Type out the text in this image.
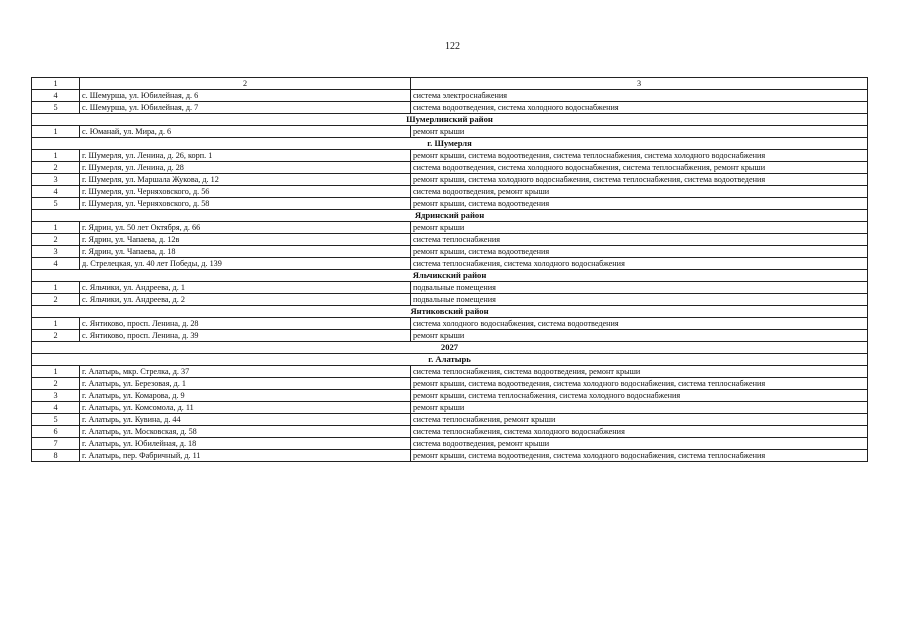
122
1	2	3
4	с. Шемурша, ул. Юбилейная, д. 6	система электроснабжения
5	с. Шемурша, ул. Юбилейная, д. 7	система водоотведения, система холодного водоснабжения
Шумерлинский район		
1	с. Юманай, ул. Мира, д. 6	ремонт крыши
г. Шумерля		
1	г. Шумерля, ул. Ленина, д. 26, корп. 1	ремонт крыши, система водоотведения, система теплоснабжения, система холодного водоснабжения
2	г. Шумерля, ул. Ленина, д. 28	система водоотведения, система холодного водоснабжения, система теплоснабжения, ремонт крыши
3	г. Шумерля, ул. Маршала Жукова, д. 12	ремонт крыши, система холодного водоснабжения, система теплоснабжения, система водоотведения
4	г. Шумерля, ул. Черняховского, д. 56	система водоотведения, ремонт крыши
5	г. Шумерля, ул. Черняховского, д. 58	ремонт крыши, система водоотведения
Ядринский район		
1	г. Ядрин, ул. 50 лет Октября, д. 66	ремонт крыши
2	г. Ядрин, ул. Чапаева, д. 12в	система теплоснабжения
3	г. Ядрин, ул. Чапаева, д. 18	ремонт крыши, система водоотведения
4	д. Стрелецкая, ул. 40 лет Победы, д. 139	система теплоснабжения, система холодного водоснабжения
Яльчикский район		
1	с. Яльчики, ул. Андреева, д. 1	подвальные помещения
2	с. Яльчики, ул. Андреева, д. 2	подвальные помещения
Янтиковский район		
1	с. Янтиково, просп. Ленина, д. 28	система холодного водоснабжения, система водоотведения
2	с. Янтиково, просп. Ленина, д. 39	ремонт крыши
2027		
г. Алатырь		
1	г. Алатырь, мкр. Стрелка, д. 37	система теплоснабжения, система водоотведения, ремонт крыши
2	г. Алатырь, ул. Березовая, д. 1	ремонт крыши, система водоотведения, система холодного водоснабжения, система теплоснабжения
3	г. Алатырь, ул. Комарова, д. 9	ремонт крыши, система теплоснабжения, система холодного водоснабжения
4	г. Алатырь, ул. Комсомола, д. 11	ремонт крыши
5	г. Алатырь, ул. Кувина, д. 44	система теплоснабжения, ремонт крыши
6	г. Алатырь, ул. Московская, д. 58	система теплоснабжения, система холодного водоснабжения
7	г. Алатырь, ул. Юбилейная, д. 18	система водоотведения, ремонт крыши
8	г. Алатырь, пер. Фабричный, д. 11	ремонт крыши, система водоотведения, система холодного водоснабжения, система теплоснабжения
